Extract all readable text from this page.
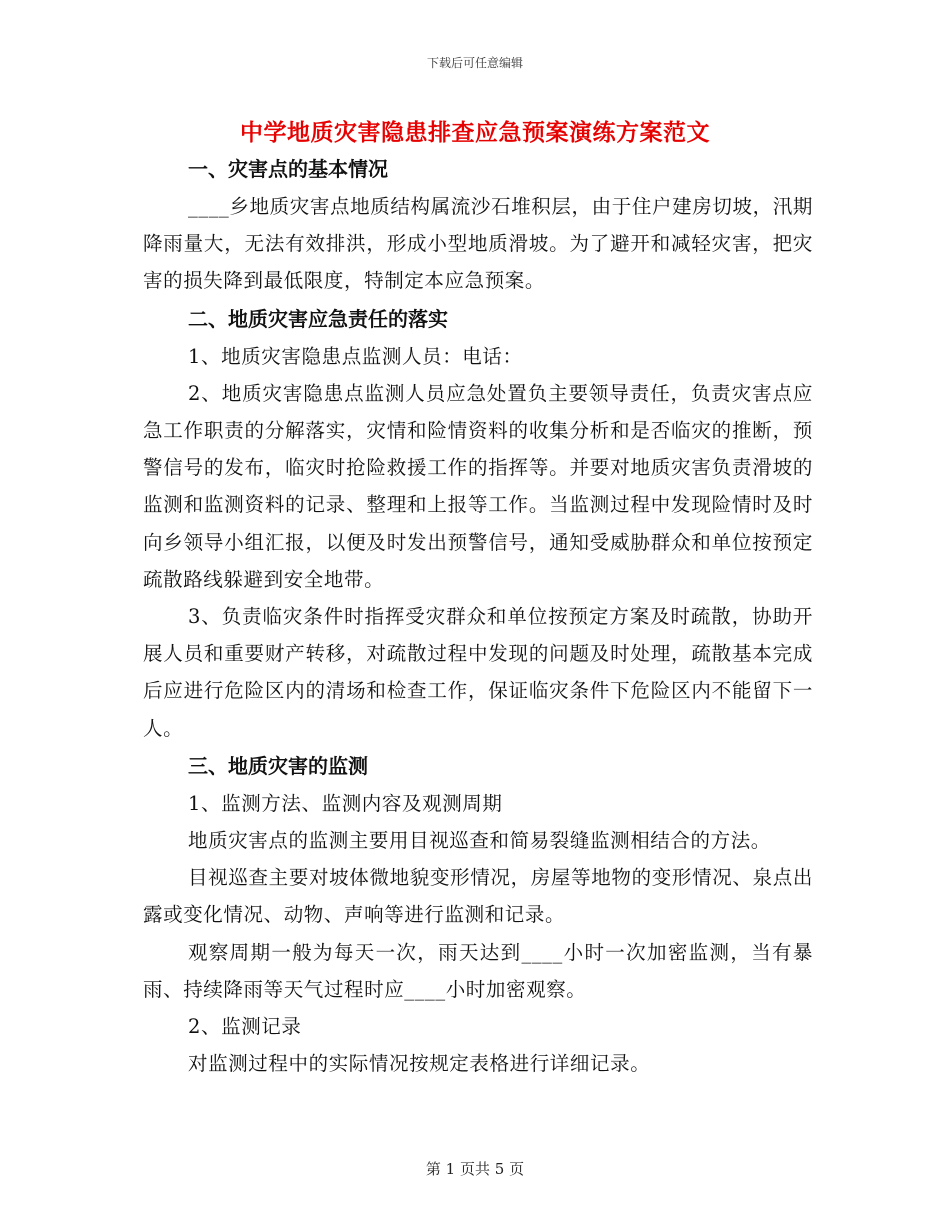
下载后可任意编辑
中学地质灾害隐患排查应急预案演练方案范文
一、灾害点的基本情况

____乡地质灾害点地质结构属流沙石堆积层，由于住户建房切坡，汛期降雨量大，无法有效排洪，形成小型地质滑坡。为了避开和减轻灾害，把灾害的损失降到最低限度，特制定本应急预案。

二、地质灾害应急责任的落实

1、地质灾害隐患点监测人员：电话：

2、地质灾害隐患点监测人员应急处置负主要领导责任，负责灾害点应急工作职责的分解落实，灾情和险情资料的收集分析和是否临灾的推断，预警信号的发布，临灾时抢险救援工作的指挥等。并要对地质灾害负责滑坡的监测和监测资料的记录、整理和上报等工作。当监测过程中发现险情时及时向乡领导小组汇报，以便及时发出预警信号，通知受威胁群众和单位按预定疏散路线躲避到安全地带。

3、负责临灾条件时指挥受灾群众和单位按预定方案及时疏散，协助开展人员和重要财产转移，对疏散过程中发现的问题及时处理，疏散基本完成后应进行危险区内的清场和检查工作，保证临灾条件下危险区内不能留下一人。

三、地质灾害的监测

1、监测方法、监测内容及观测周期

地质灾害点的监测主要用目视巡查和简易裂缝监测相结合的方法。

目视巡查主要对坡体微地貌变形情况，房屋等地物的变形情况、泉点出露或变化情况、动物、声响等进行监测和记录。

观察周期一般为每天一次，雨天达到____小时一次加密监测，当有暴雨、持续降雨等天气过程时应____小时加密观察。

2、监测记录

对监测过程中的实际情况按规定表格进行详细记录。

第 1 页共 5 页
